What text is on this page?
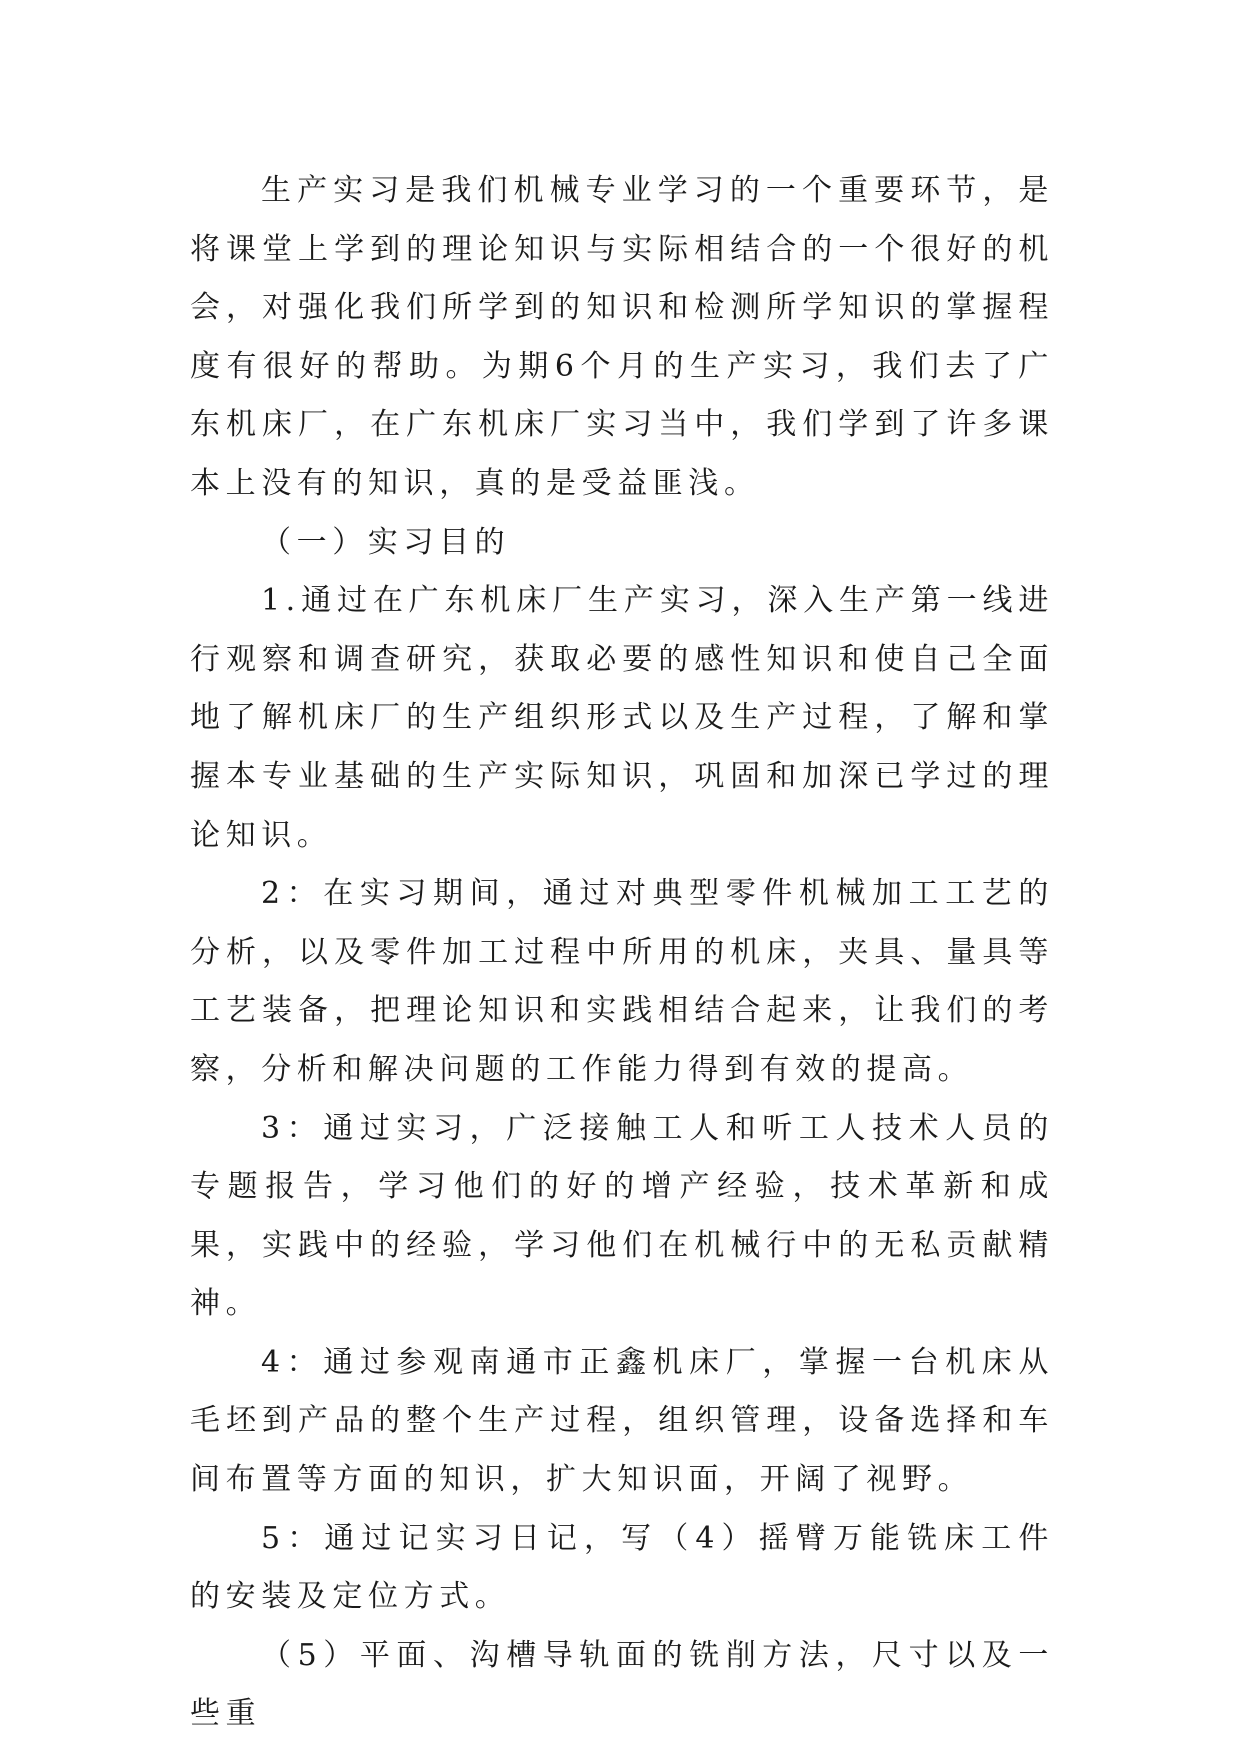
生产实习是我们机械专业学习的一个重要环节，是将课堂上学到的理论知识与实际相结合的一个很好的机会，对强化我们所学到的知识和检测所学知识的掌握程度有很好的帮助。为期6个月的生产实习，我们去了广东机床厂，在广东机床厂实习当中，我们学到了许多课本上没有的知识，真的是受益匪浅。

（一）实习目的

1.通过在广东机床厂生产实习，深入生产第一线进行观察和调查研究，获取必要的感性知识和使自己全面地了解机床厂的生产组织形式以及生产过程，了解和掌握本专业基础的生产实际知识，巩固和加深已学过的理论知识。

2：在实习期间，通过对典型零件机械加工工艺的分析，以及零件加工过程中所用的机床，夹具、量具等工艺装备，把理论知识和实践相结合起来，让我们的考察，分析和解决问题的工作能力得到有效的提高。

3：通过实习，广泛接触工人和听工人技术人员的专题报告，学习他们的好的增产经验，技术革新和成果，实践中的经验，学习他们在机械行中的无私贡献精神。

4：通过参观南通市正鑫机床厂，掌握一台机床从毛坯到产品的整个生产过程，组织管理，设备选择和车间布置等方面的知识，扩大知识面，开阔了视野。

5：通过记实习日记，写（4）摇臂万能铣床工件的安装及定位方式。

（5）平面、沟槽导轨面的铣削方法，尺寸以及一些重
